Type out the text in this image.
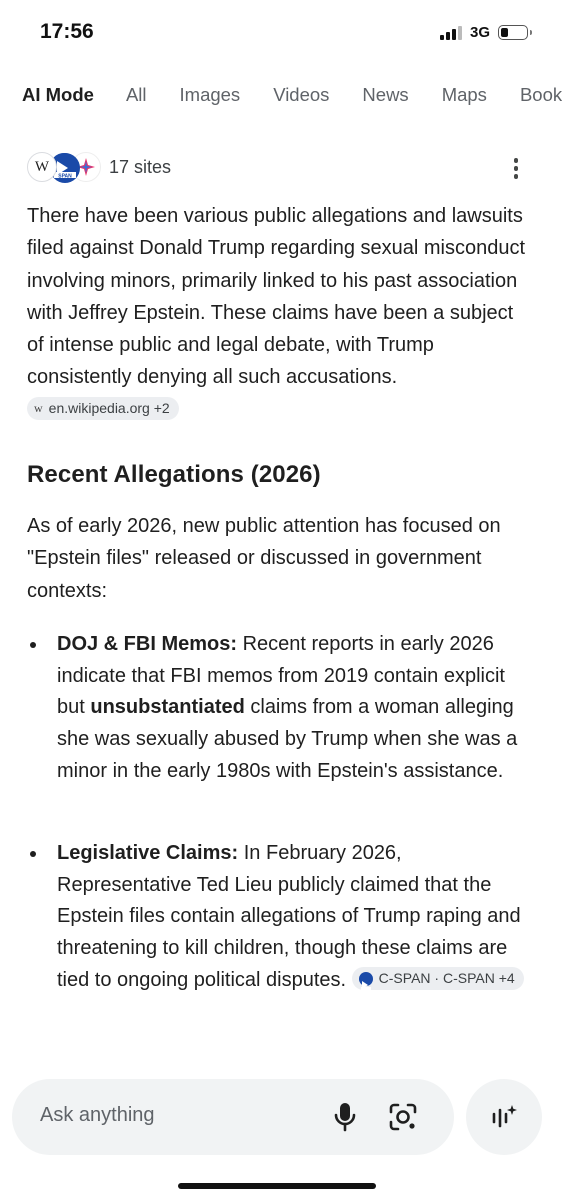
17:56	3G
AI Mode All Images Videos News Maps Book
W
SPAN 17 sites

There have been various public allegations and lawsuits filed against Donald Trump regarding sexual misconduct involving minors, primarily linked to his past association with Jeffrey Epstein. These claims have been a subject of intense public and legal debate, with Trump consistently denying all such accusations.
w en.wikipedia.org +2

Recent Allegations (2026)

As of early 2026, new public attention has focused on "Epstein files" released or discussed in government contexts:

DOJ & FBI Memos: Recent reports in early 2026 indicate that FBI memos from 2019 contain explicit but unsubstantiated claims from a woman alleging she was sexually abused by Trump when she was a minor in the early 1980s with Epstein's assistance.
Legislative Claims: In February 2026, Representative Ted Lieu publicly claimed that the Epstein files contain allegations of Trump raping and threatening to kill children, though these claims are tied to ongoing political disputes. C-SPAN · C-SPAN +4
Ask anything
